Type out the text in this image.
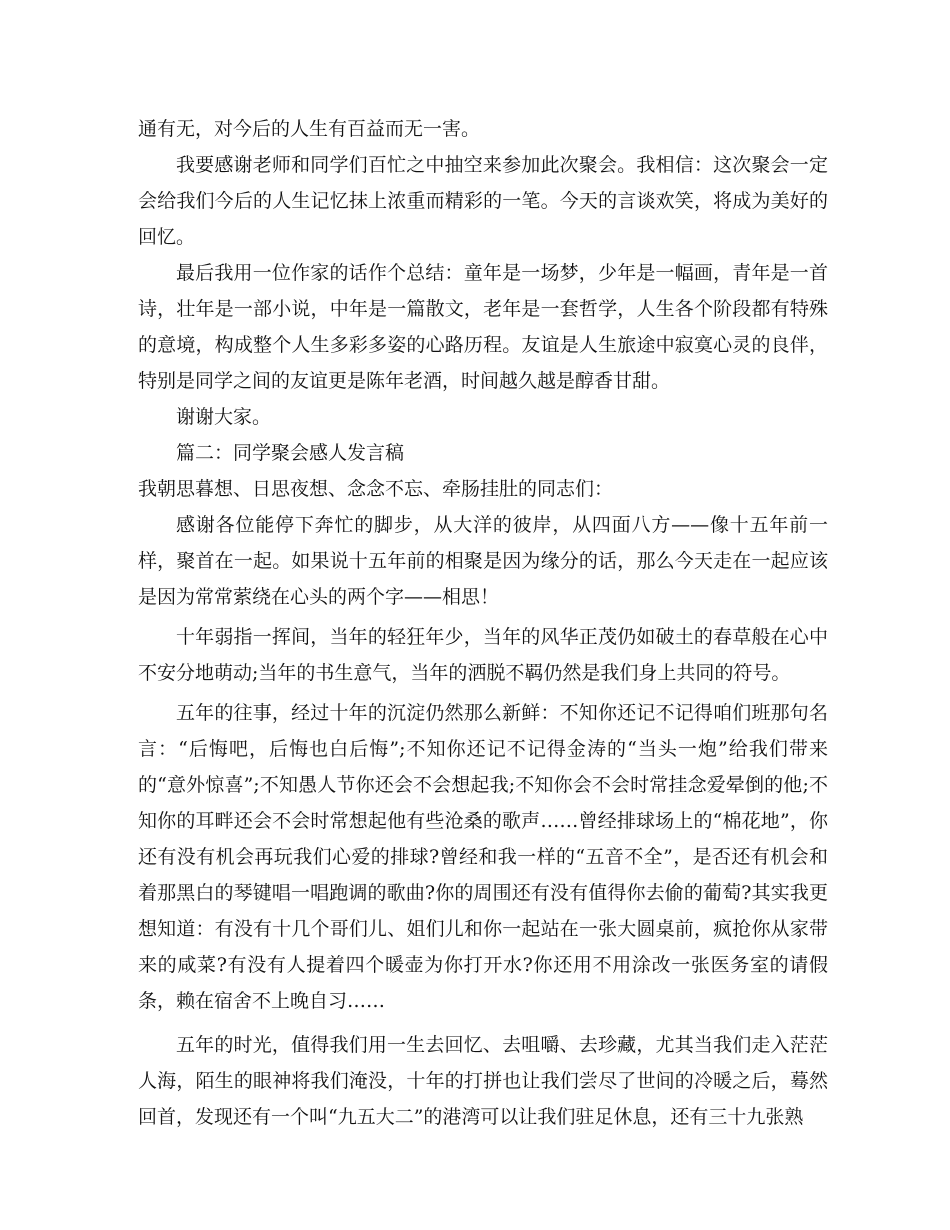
通有无，对今后的人生有百益而无一害。

我要感谢老师和同学们百忙之中抽空来参加此次聚会。我相信：这次聚会一定会给我们今后的人生记忆抹上浓重而精彩的一笔。今天的言谈欢笑，将成为美好的回忆。

最后我用一位作家的话作个总结：童年是一场梦，少年是一幅画，青年是一首诗，壮年是一部小说，中年是一篇散文，老年是一套哲学，人生各个阶段都有特殊的意境，构成整个人生多彩多姿的心路历程。友谊是人生旅途中寂寞心灵的良伴，特别是同学之间的友谊更是陈年老酒，时间越久越是醇香甘甜。

谢谢大家。

篇二：同学聚会感人发言稿

我朝思暮想、日思夜想、念念不忘、牵肠挂肚的同志们：

感谢各位能停下奔忙的脚步，从大洋的彼岸，从四面八方——像十五年前一样，聚首在一起。如果说十五年前的相聚是因为缘分的话，那么今天走在一起应该是因为常常萦绕在心头的两个字——相思！

十年弱指一挥间，当年的轻狂年少，当年的风华正茂仍如破土的春草般在心中不安分地萌动;当年的书生意气，当年的洒脱不羁仍然是我们身上共同的符号。

五年的往事，经过十年的沉淀仍然那么新鲜：不知你还记不记得咱们班那句名言：“后悔吧，后悔也白后悔”;不知你还记不记得金涛的“当头一炮”给我们带来的“意外惊喜”;不知愚人节你还会不会想起我;不知你会不会时常挂念爱晕倒的他;不知你的耳畔还会不会时常想起他有些沧桑的歌声……曾经排球场上的“棉花地”，你还有没有机会再玩我们心爱的排球?曾经和我一样的“五音不全”，是否还有机会和着那黑白的琴键唱一唱跑调的歌曲?你的周围还有没有值得你去偷的葡萄?其实我更想知道：有没有十几个哥们儿、姐们儿和你一起站在一张大圆桌前，疯抢你从家带来的咸菜?有没有人提着四个暖壶为你打开水?你还用不用涂改一张医务室的请假条，赖在宿舍不上晚自习……

五年的时光，值得我们用一生去回忆、去咀嚼、去珍藏，尤其当我们走入茫茫人海，陌生的眼神将我们淹没，十年的打拼也让我们尝尽了世间的冷暖之后，蓦然回首，发现还有一个叫“九五大二”的港湾可以让我们驻足休息，还有三十九张熟
